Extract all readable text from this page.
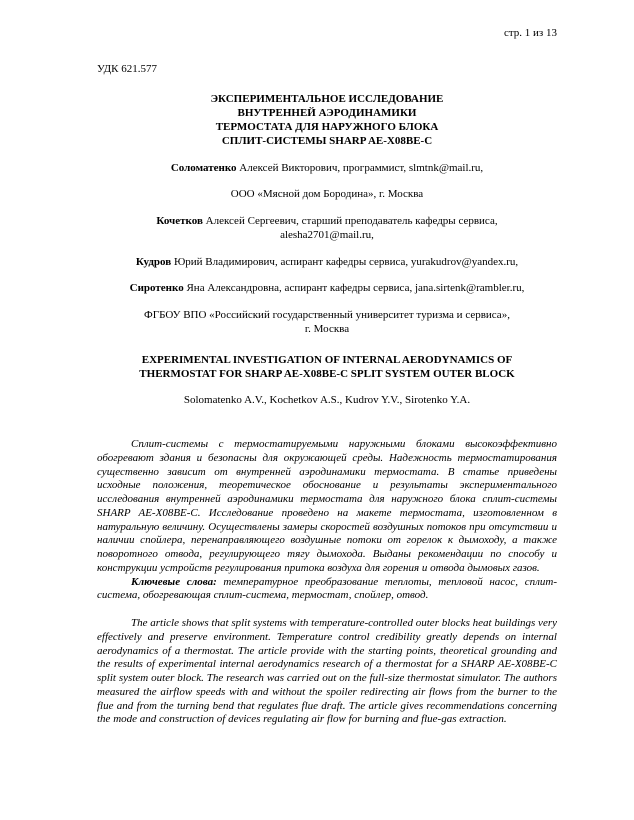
стр. 1 из 13
УДК 621.577
ЭКСПЕРИМЕНТАЛЬНОЕ ИССЛЕДОВАНИЕ
ВНУТРЕННЕЙ АЭРОДИНАМИКИ
ТЕРМОСТАТА ДЛЯ НАРУЖНОГО БЛОКА
СПЛИТ-СИСТЕМЫ SHARP AE-X08BE-C

Соломатенко Алексей Викторович, программист, slmtnk@mail.ru,

ООО «Мясной дом Бородина», г. Москва

Кочетков Алексей Сергеевич, старший преподаватель кафедры сервиса,
alesha2701@mail.ru,

Кудров Юрий Владимирович, аспирант кафедры сервиса, yurakudrov@yandex.ru,

Сиротенко Яна Александровна, аспирант кафедры сервиса, jana.sirtenk@rambler.ru,

ФГБОУ ВПО «Российский государственный университет туризма и сервиса»,
г. Москва

EXPERIMENTAL INVESTIGATION OF INTERNAL AERODYNAMICS OF
THERMOSTAT FOR SHARP AE-X08BE-C SPLIT SYSTEM OUTER BLOCK

Solomatenko A.V., Kochetkov A.S., Kudrov Y.V., Sirotenko Y.A.

Сплит-системы с термостатируемыми наружными блоками высокоэффективно обогревают здания и безопасны для окружающей среды. Надежность термостатирования существенно зависит от внутренней аэродинамики термостата. В статье приведены исходные положения, теоретическое обоснование и результаты экспериментального исследования внутренней аэродинамики термостата для наружного блока сплит-системы SHARP AE-X08BE-C. Исследование проведено на макете термостата, изготовленном в натуральную величину. Осуществлены замеры скоростей воздушных потоков при отсутствии и наличии спойлера, перенаправляющего воздушные потоки от горелок к дымоходу, а также поворотного отвода, регулирующего тягу дымохода. Выданы рекомендации по способу и конструкции устройств регулирования притока воздуха для горения и отвода дымовых газов.

Ключевые слова: температурное преобразование теплоты, тепловой насос, сплит-система, обогревающая сплит-система, термостат, спойлер, отвод.

The article shows that split systems with temperature-controlled outer blocks heat buildings very effectively and preserve environment. Temperature control credibility greatly depends on internal aerodynamics of a thermostat. The article provide with the starting points, theoretical grounding and the results of experimental internal aerodynamics research of a thermostat for a SHARP AE-X08BE-C split system outer block. The research was carried out on the full-size thermostat simulator. The authors measured the airflow speeds with and without the spoiler redirecting air flows from the burner to the flue and from the turning bend that regulates flue draft. The article gives recommendations concerning the mode and construction of devices regulating air flow for burning and flue-gas extraction.
